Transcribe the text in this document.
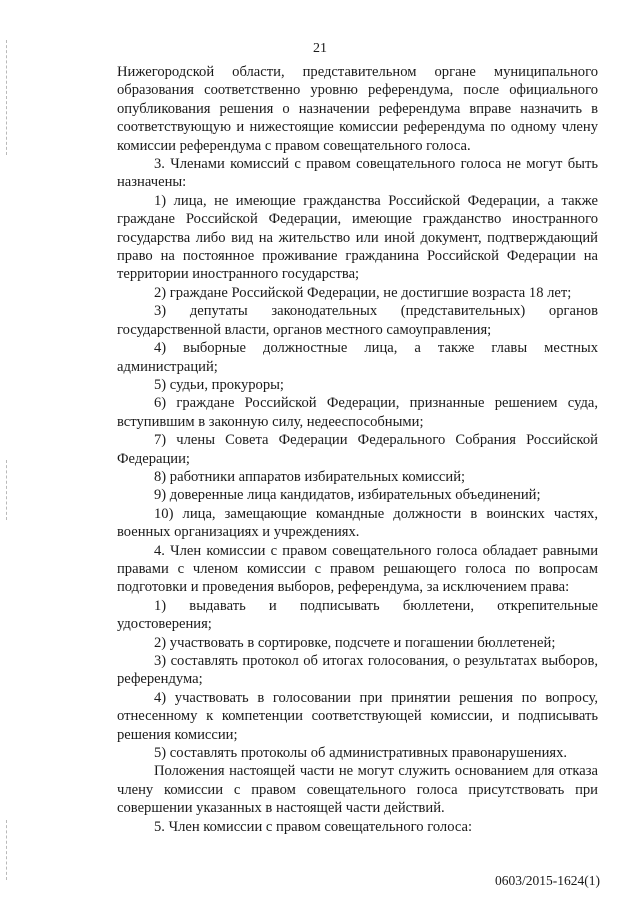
21

Нижегородской области, представительном органе муниципального образования соответственно уровню референдума, после официального опубликования решения о назначении референдума вправе назначить в соответствующую и нижестоящие комиссии референдума по одному члену комиссии референдума с правом совещательного голоса.

3. Членами комиссий с правом совещательного голоса не могут быть назначены:

1) лица, не имеющие гражданства Российской Федерации, а также граждане Российской Федерации, имеющие гражданство иностранного государства либо вид на жительство или иной документ, подтверждающий право на постоянное проживание гражданина Российской Федерации на территории иностранного государства;

2) граждане Российской Федерации, не достигшие возраста 18 лет;

3) депутаты законодательных (представительных) органов государственной власти, органов местного самоуправления;

4) выборные должностные лица, а также главы местных администраций;

5) судьи, прокуроры;

6) граждане Российской Федерации, признанные решением суда, вступившим в законную силу, недееспособными;

7) члены Совета Федерации Федерального Собрания Российской Федерации;

8) работники аппаратов избирательных комиссий;

9) доверенные лица кандидатов, избирательных объединений;

10) лица, замещающие командные должности в воинских частях, военных организациях и учреждениях.

4. Член комиссии с правом совещательного голоса обладает равными правами с членом комиссии с правом решающего голоса по вопросам подготовки и проведения выборов, референдума, за исключением права:

1) выдавать и подписывать бюллетени, открепительные удостоверения;

2) участвовать в сортировке, подсчете и погашении бюллетеней;

3) составлять протокол об итогах голосования, о результатах выборов, референдума;

4) участвовать в голосовании при принятии решения по вопросу, отнесенному к компетенции соответствующей комиссии, и подписывать решения комиссии;

5) составлять протоколы об административных правонарушениях.

Положения настоящей части не могут служить основанием для отказа члену комиссии с правом совещательного голоса присутствовать при совершении указанных в настоящей части действий.

5. Член комиссии с правом совещательного голоса:

0603/2015-1624(1)
